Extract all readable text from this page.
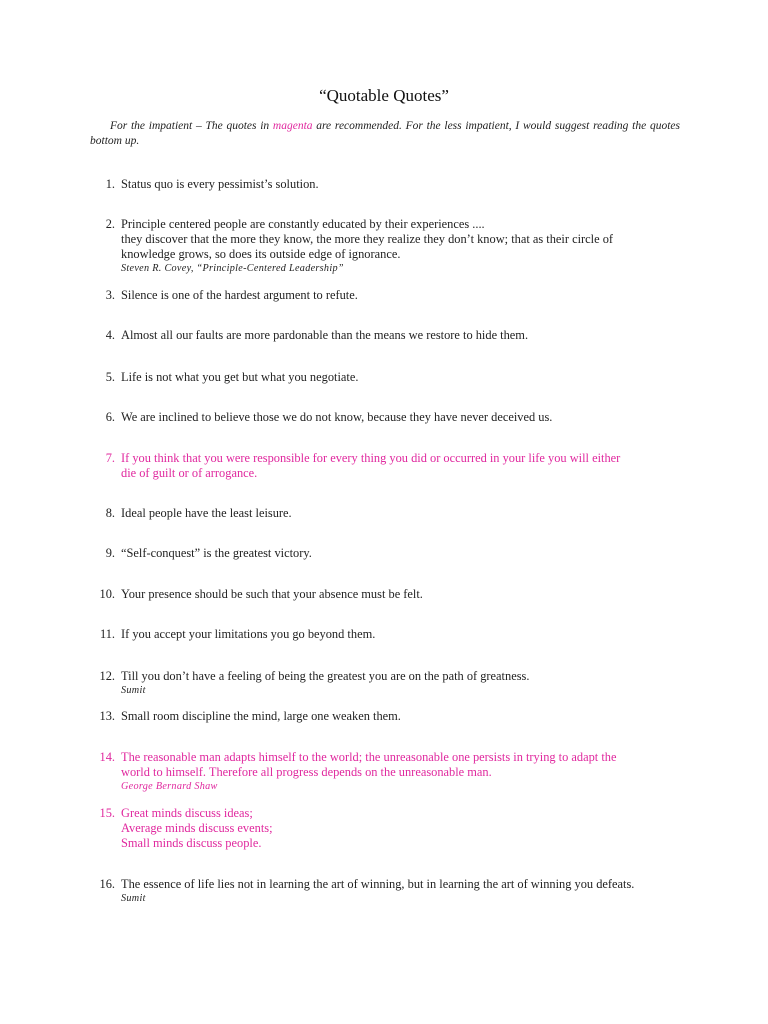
“Quotable Quotes”
For the impatient – The quotes in magenta are recommended. For the less impatient, I would suggest reading the quotes bottom up.
1. Status quo is every pessimist’s solution.
2. Principle centered people are constantly educated by their experiences ....
they discover that the more they know, the more they realize they don’t know; that as their circle of
knowledge grows, so does its outside edge of ignorance.
Steven R. Covey, “Principle-Centered Leadership”
3. Silence is one of the hardest argument to refute.
4. Almost all our faults are more pardonable than the means we restore to hide them.
5. Life is not what you get but what you negotiate.
6. We are inclined to believe those we do not know, because they have never deceived us.
7. If you think that you were responsible for every thing you did or occurred in your life you will either
die of guilt or of arrogance.
8. Ideal people have the least leisure.
9. “Self-conquest” is the greatest victory.
10. Your presence should be such that your absence must be felt.
11. If you accept your limitations you go beyond them.
12. Till you don’t have a feeling of being the greatest you are on the path of greatness.
Sumit
13. Small room discipline the mind, large one weaken them.
14. The reasonable man adapts himself to the world; the unreasonable one persists in trying to adapt the
world to himself. Therefore all progress depends on the unreasonable man.
George Bernard Shaw
15. Great minds discuss ideas;
Average minds discuss events;
Small minds discuss people.
16. The essence of life lies not in learning the art of winning, but in learning the art of winning you defeats.
Sumit
